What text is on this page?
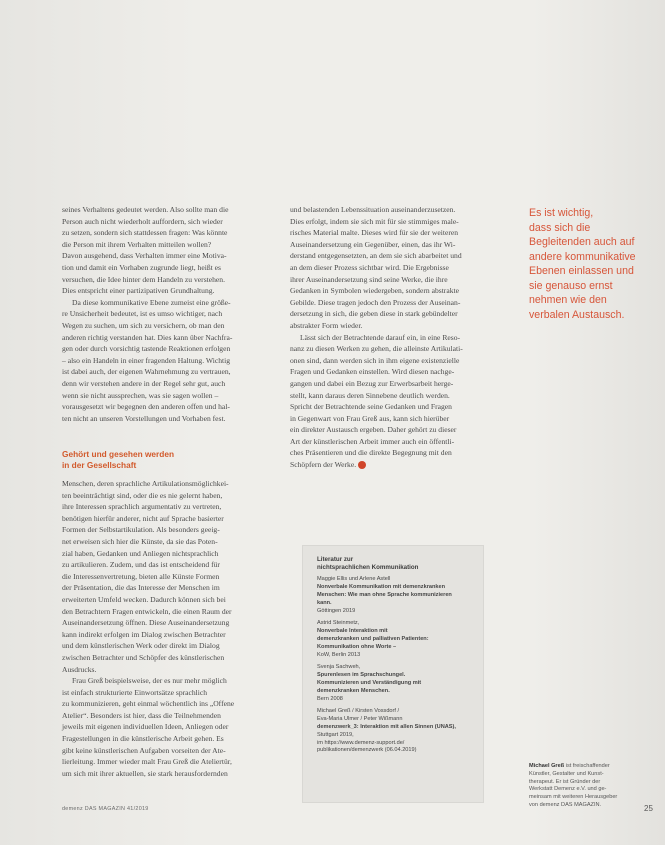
seines Verhaltens gedeutet werden. Also sollte man die
Person auch nicht wiederholt auffordern, sich wieder
zu setzen, sondern sich stattdessen fragen: Was könnte
die Person mit ihrem Verhalten mitteilen wollen?
Davon ausgehend, dass Verhalten immer eine Motiva-
tion und damit ein Vorhaben zugrunde liegt, heißt es
versuchen, die Idee hinter dem Handeln zu verstehen.
Dies entspricht einer partizipativen Grundhaltung.
Da diese kommunikative Ebene zumeist eine größe-
re Unsicherheit bedeutet, ist es umso wichtiger, nach
Wegen zu suchen, um sich zu versichern, ob man den
anderen richtig verstanden hat. Dies kann über Nachfra-
gen oder durch vorsichtig tastende Reaktionen erfolgen
– also ein Handeln in einer fragenden Haltung. Wichtig
ist dabei auch, der eigenen Wahrnehmung zu vertrauen,
denn wir verstehen andere in der Regel sehr gut, auch
wenn sie nicht aussprechen, was sie sagen wollen –
vorausgesetzt wir begegnen den anderen offen und hal-
ten nicht an unseren Vorstellungen und Vorhaben fest.

Gehört und gesehen werden

in der Gesellschaft

Menschen, deren sprachliche Artikulationsmöglichkei-
ten beeinträchtigt sind, oder die es nie gelernt haben,
ihre Interessen sprachlich argumentativ zu vertreten,
benötigen hierfür anderer, nicht auf Sprache basierter
Formen der Selbstartikulation. Als besonders geeig-
net erweisen sich hier die Künste, da sie das Poten-
zial haben, Gedanken und Anliegen nichtsprachlich
zu artikulieren. Zudem, und das ist entscheidend für
die Interessenvertretung, bieten alle Künste Formen
der Präsentation, die das Interesse der Menschen im
erweiterten Umfeld wecken. Dadurch können sich bei
den Betrachtern Fragen entwickeln, die einen Raum der
Auseinandersetzung öffnen. Diese Auseinandersetzung
kann indirekt erfolgen im Dialog zwischen Betrachter
und dem künstlerischen Werk oder direkt im Dialog
zwischen Betrachter und Schöpfer des künstlerischen
Ausdrucks.
Frau Greß beispielsweise, der es nur mehr möglich
ist einfach strukturierte Einwortsätze sprachlich
zu kommunizieren, geht einmal wöchentlich ins „Offene
Atelier“. Besonders ist hier, dass die Teilnehmenden
jeweils mit eigenen individuellen Ideen, Anliegen oder
Fragestellungen in die künstlerische Arbeit gehen. Es
gibt keine künstlerischen Aufgaben vorseiten der Ate-
lierleitung. Immer wieder malt Frau Greß die Ateliertür,
um sich mit ihrer aktuellen, sie stark herausfordernden
und belastenden Lebenssituation auseinanderzusetzen.
Dies erfolgt, indem sie sich mit für sie stimmiges male-
risches Material malte. Dieses wird für sie der weiteren
Auseinandersetzung ein Gegenüber, einen, das ihr Wi-
derstand entgegensetzten, an dem sie sich abarbeitet und
an dem dieser Prozess sichtbar wird. Die Ergebnisse
ihrer Auseinandersetzung sind seine Werke, die ihre
Gedanken in Symbolen wiedergeben, sondern abstrakte
Gebilde. Diese tragen jedoch den Prozess der Auseinan-
dersetzung in sich, die geben diese in stark gebündelter
abstrakter Form wieder.
Lässt sich der Betrachtende darauf ein, in eine Reso-
nanz zu diesen Werken zu gehen, die alleinste Artikulati-
onen sind, dann werden sich in ihm eigene existenzielle
Fragen und Gedanken einstellen. Wird diesen nachge-
gangen und dabei ein Bezug zur Erwerbsarbeit herge-
stellt, kann daraus deren Sinnebene deutlich werden.
Spricht der Betrachtende seine Gedanken und Fragen
in Gegenwart von Frau Greß aus, kann sich hierüber
ein direkter Austausch ergeben. Daher gehört zu dieser
Art der künstlerischen Arbeit immer auch ein öffentli-
ches Präsentieren und die direkte Begegnung mit den
Schöpfern der Werke.
Es ist wichtig,
dass sich die
Begleitenden auch auf
andere kommunikative
Ebenen einlassen und
sie genauso ernst
nehmen wie den
verbalen Austausch.
Literatur zur
nichtsprachlichen Kommunikation
Maggie Ellis und Arlene Astell
Nonverbale Kommunikation mit demenzkranken
Menschen: Wie man ohne Sprache kommunizieren
kann.
Göttingen 2019
Astrid Steinmetz,
Nonverbale Interaktion mit
demenzkranken und palliativen Patienten:
Kommunikation ohne Worte –
KoW, Berlin 2013
Svenja Sachweh,
Spurenlesen im Sprachschungel.
Kommunizieren und Verständigung mit
demenzkranken Menschen.
Bern 2008
Michael Greß / Kirsten Vossdorf /
Eva-Maria Ulmer / Peter Wißmann
demenzwerk_3: Interaktion mit allen Sinnen (UNAS),
Stuttgart 2019,
im https://www.demenz-support.de/
publikationen/demenzwerk (06.04.2019)
Michael Greß ist freischaffender
Künstler, Gestalter und Kunst-
therapeut. Er ist Gründer der
Werkstatt Demenz e.V. und ge-
meinsam mit weiteren Herausgeber
von demenz DAS MAGAZIN.
demenz DAS MAGAZIN 41/2019	25
